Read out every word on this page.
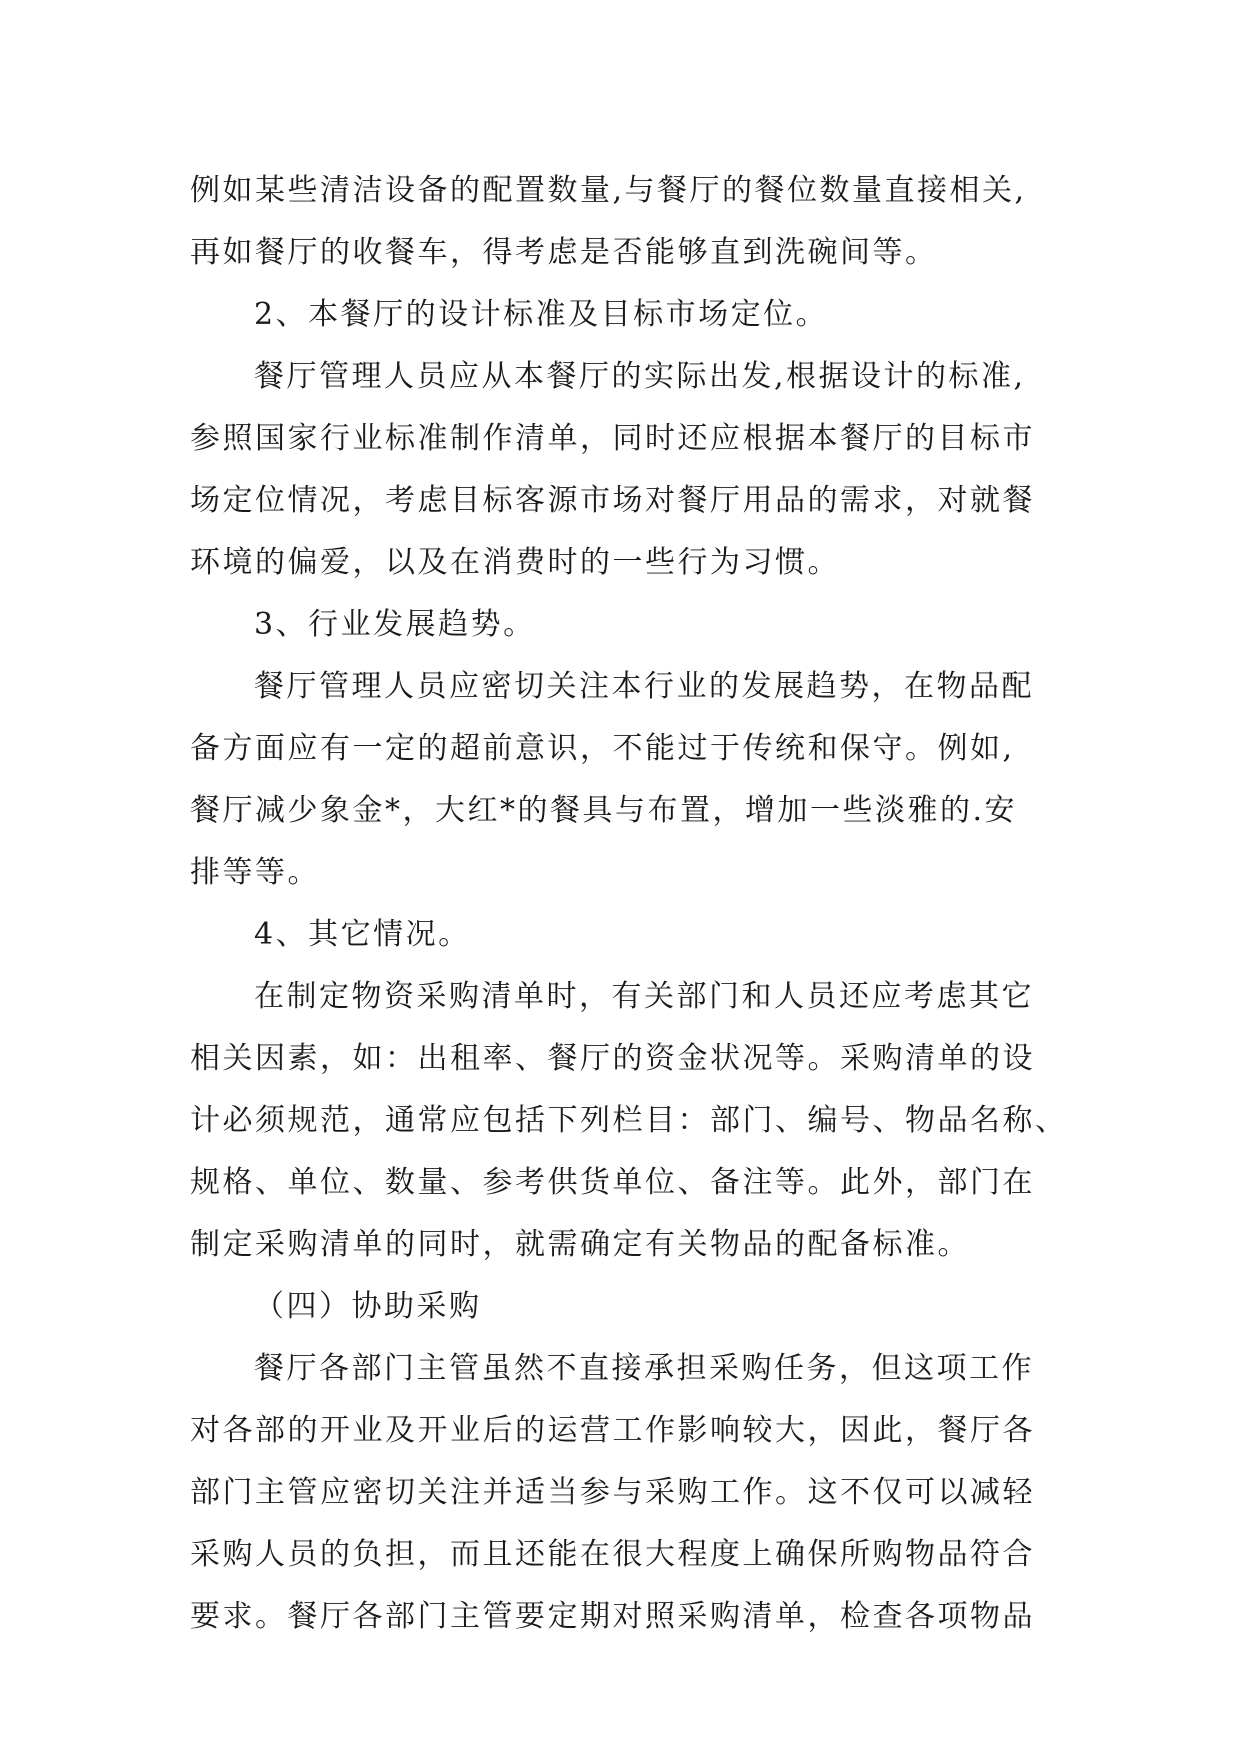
例如某些清洁设备的配置数量,与餐厅的餐位数量直接相关,
再如餐厅的收餐车，得考虑是否能够直到洗碗间等。
2、本餐厅的设计标准及目标市场定位。
餐厅管理人员应从本餐厅的实际出发,根据设计的标准,
参照国家行业标准制作清单，同时还应根据本餐厅的目标市
场定位情况，考虑目标客源市场对餐厅用品的需求，对就餐
环境的偏爱，以及在消费时的一些行为习惯。
3、行业发展趋势。
餐厅管理人员应密切关注本行业的发展趋势，在物品配
备方面应有一定的超前意识，不能过于传统和保守。例如,
餐厅减少象金*，大红*的餐具与布置，增加一些淡雅的.安
排等等。
4、其它情况。
在制定物资采购清单时，有关部门和人员还应考虑其它
相关因素，如：出租率、餐厅的资金状况等。采购清单的设
计必须规范，通常应包括下列栏目：部门、编号、物品名称、
规格、单位、数量、参考供货单位、备注等。此外，部门在
制定采购清单的同时，就需确定有关物品的配备标准。
（四）协助采购
餐厅各部门主管虽然不直接承担采购任务，但这项工作
对各部的开业及开业后的运营工作影响较大，因此，餐厅各
部门主管应密切关注并适当参与采购工作。这不仅可以减轻
采购人员的负担，而且还能在很大程度上确保所购物品符合
要求。餐厅各部门主管要定期对照采购清单，检查各项物品
